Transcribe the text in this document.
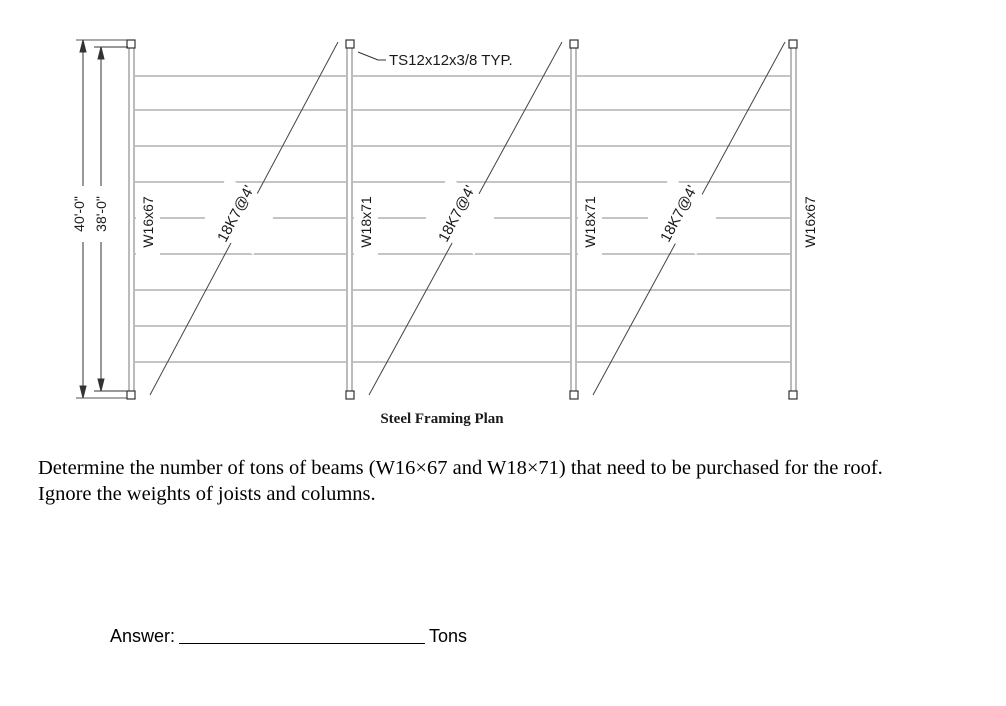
TS12x12x3/8 TYP.
40'-0" 38'-0" W16x67	W18x71	W18x71	W16x67
18K7@4'	18K7@4'	18K7@4'
Steel Framing Plan
Determine the number of tons of beams (W16×67 and W18×71) that need to be purchased for the roof. Ignore the weights of joists and columns.
Answer:	Tons
